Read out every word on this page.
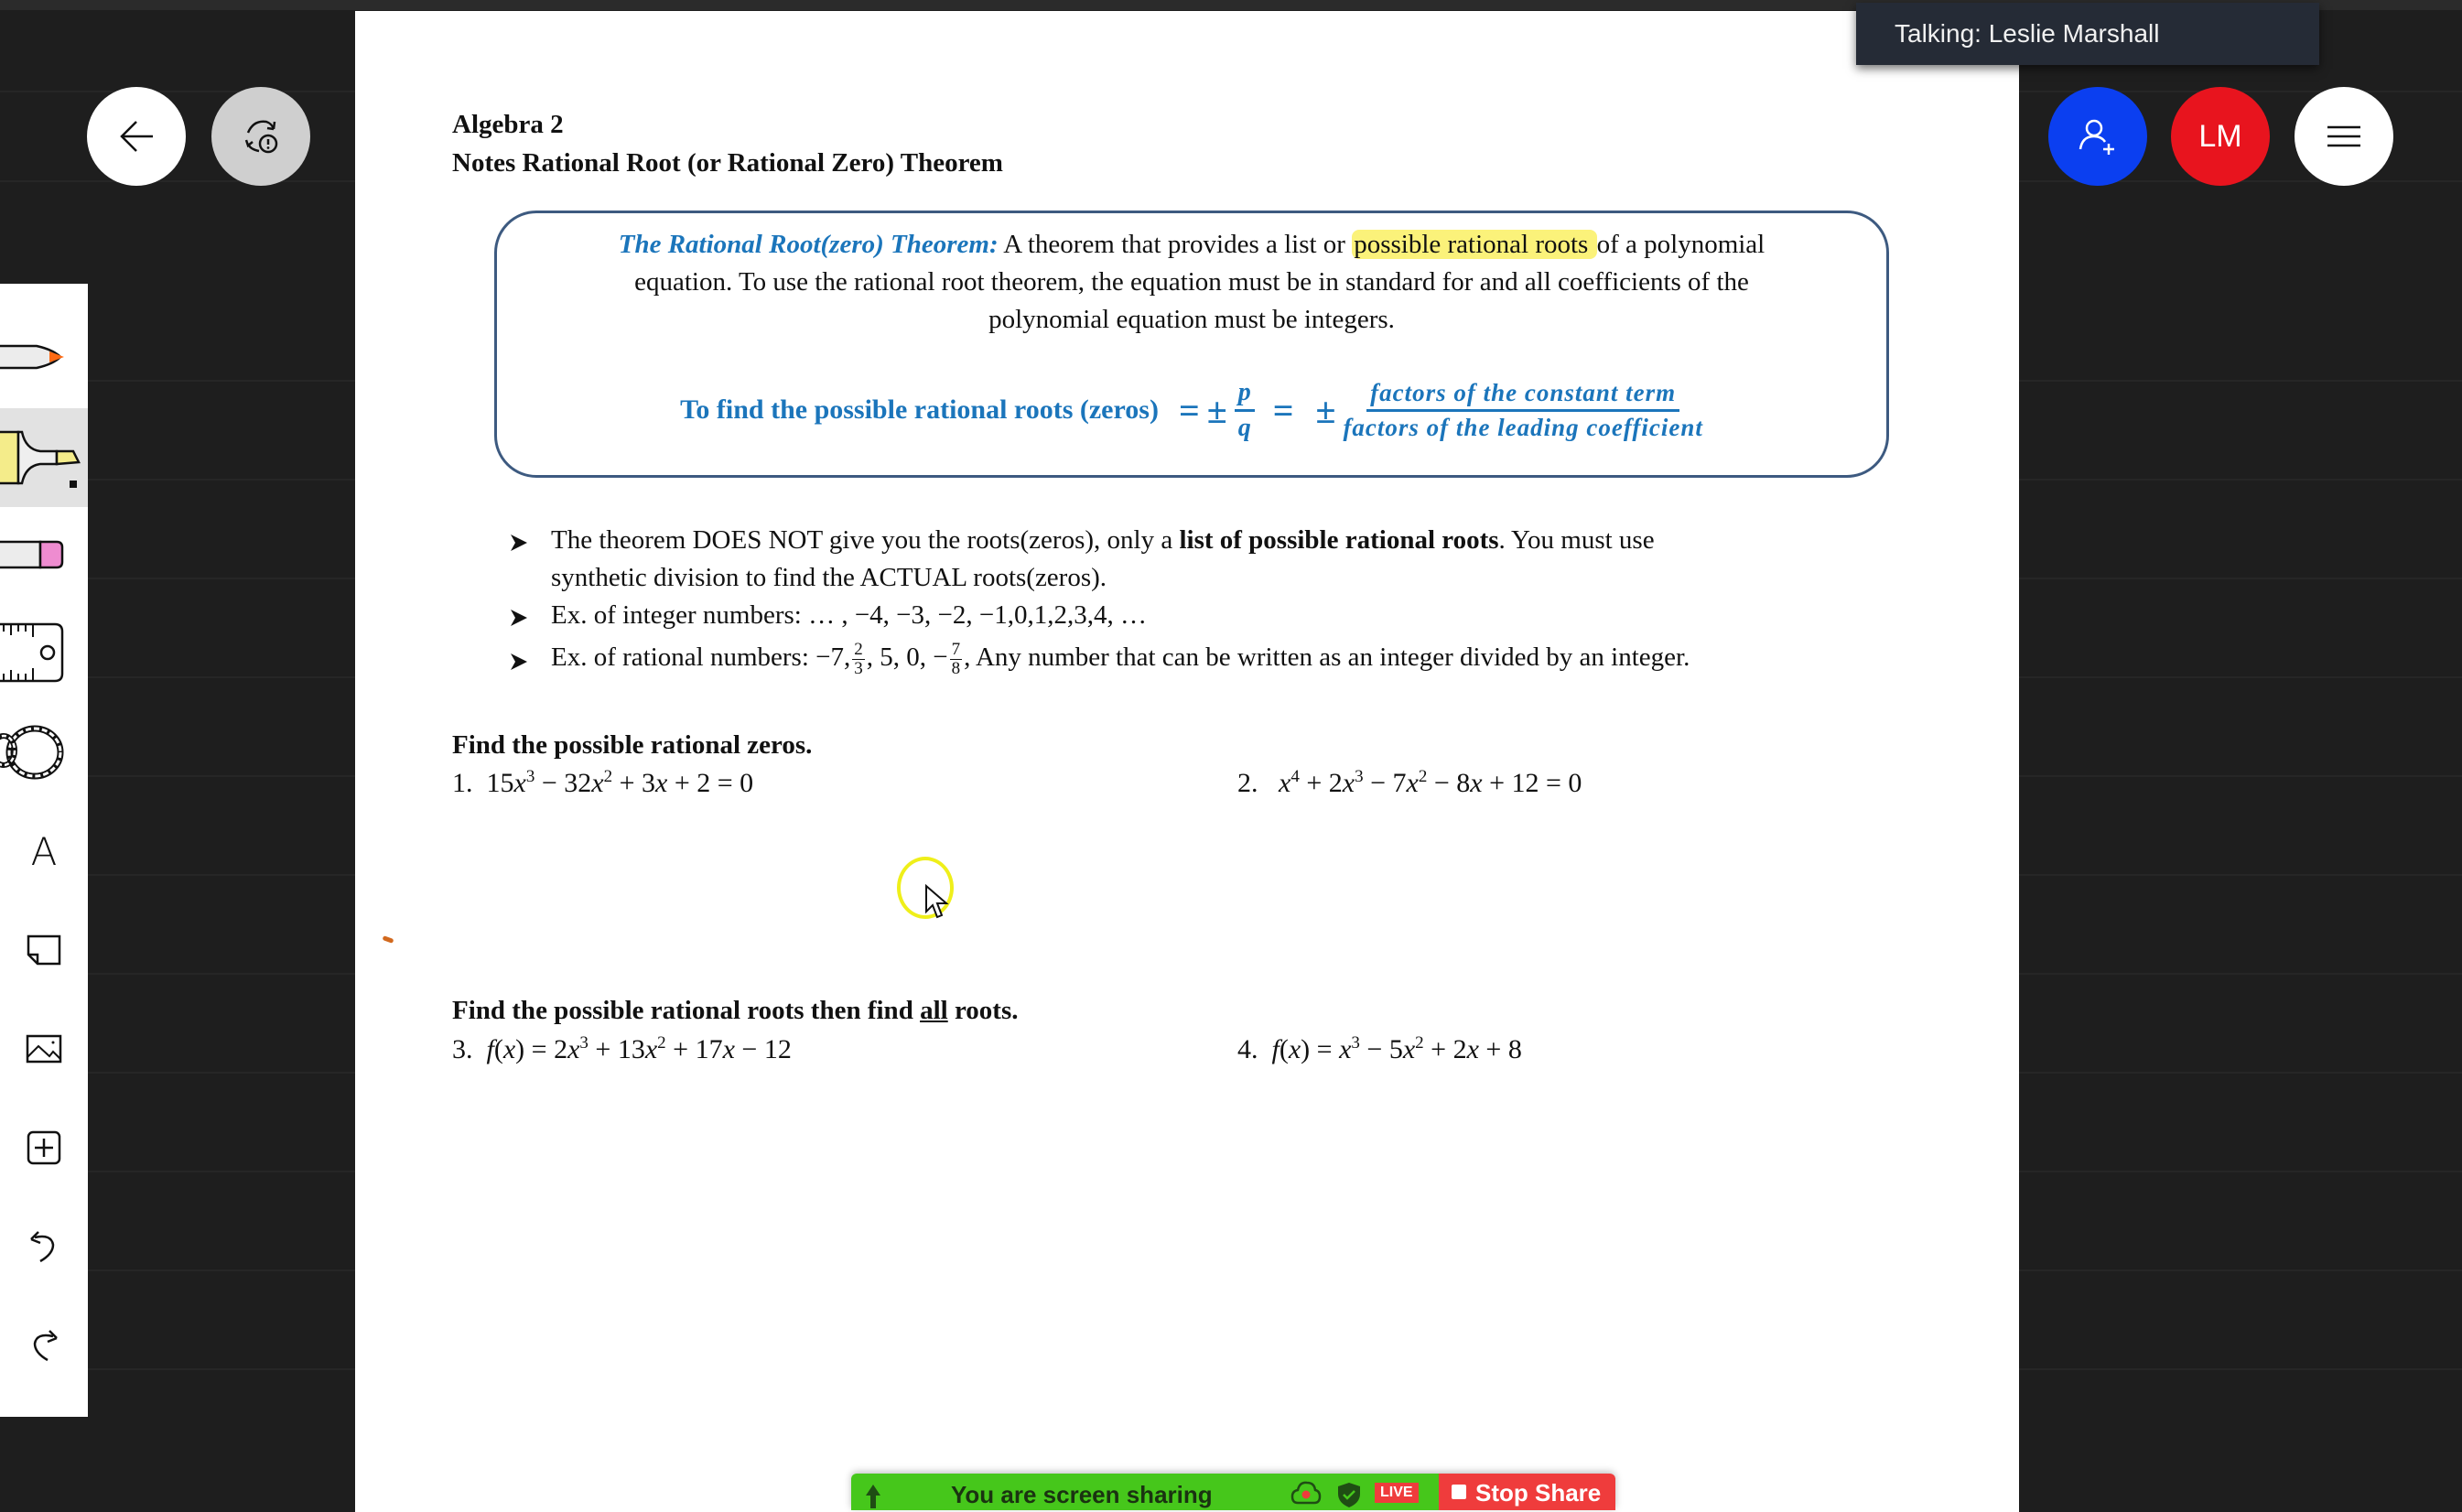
Algebra 2
Notes Rational Root (or Rational Zero) Theorem
The Rational Root(zero) Theorem: A theorem that provides a list or possible rational roots of a polynomial
equation. To use the rational root theorem, the equation must be in standard for and all coefficients of the
polynomial equation must be integers.
To find the possible rational roots (zeros) = ± $\frac{p}{q}$ = ± $\frac{\text{factors of the constant term}}{\text{factors of the leading coefficient}}$
The theorem DOES NOT give you the roots(zeros), only a list of possible rational roots. You must use
synthetic division to find the ACTUAL roots(zeros).
Ex. of integer numbers: … , −4, −3, −2, −1,0,1,2,3,4, …
Ex. of rational numbers: −7, $\frac{2}{3}$ , 5, 0, − $\frac{7}{8}$ , Any number that can be written as an integer divided by an integer.
Find the possible rational zeros.
1.  $15x^3 - 32x^2 + 3x + 2 = 0$	2. $x^4 + 2x^3 - 7x^2 - 8x + 12 = 0$
Find the possible rational roots then find all roots.
3. $f(x) = 2x^3 + 13x^2 + 17x - 12$	4. $f(x) = x^3 - 5x^2 + 2x + 8$
A
Talking: Leslie Marshall
LM
You are screen sharing	LIVE	Stop Share
